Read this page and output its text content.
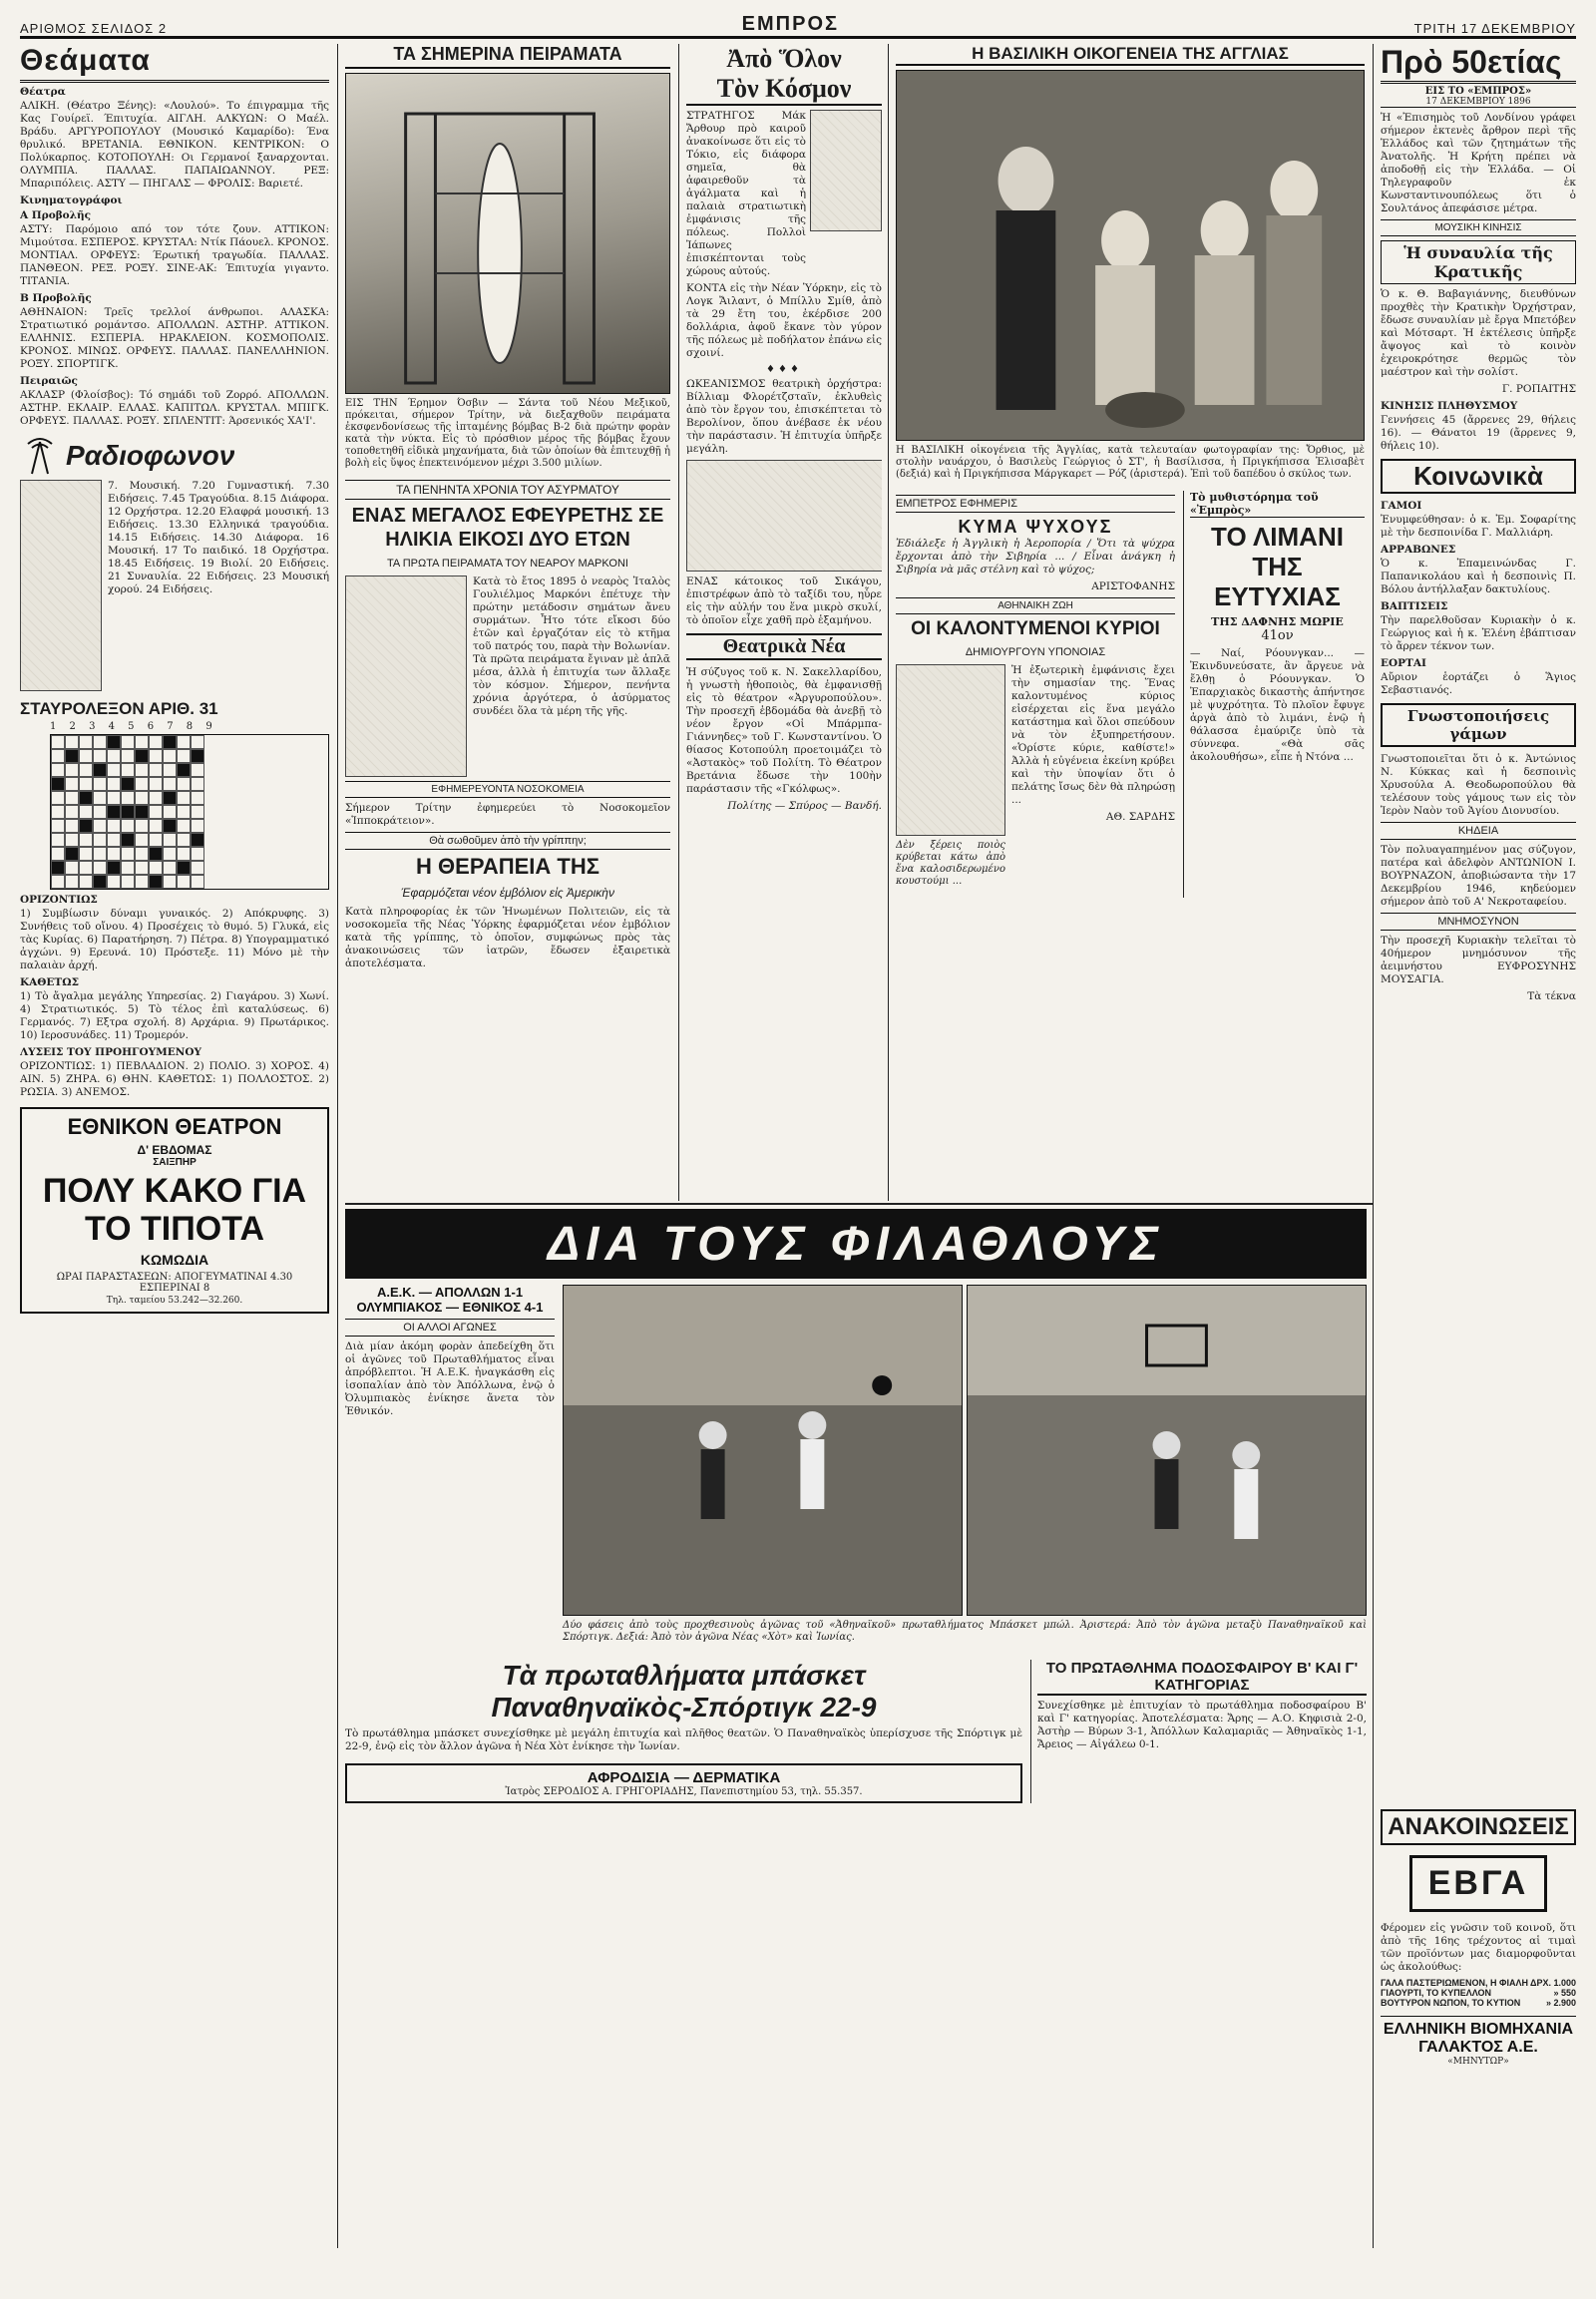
ΑΡΙΘΜΟΣ ΣΕΛΙΔΟΣ 2	ΕΜΠΡΟΣ	ΤΡΙΤΗ 17 ΔΕΚΕΜΒΡΙΟΥ
Θεάματα
Θέατρα

ΑΛΙΚΗ. (Θέατρο Ξένης): «Λουλού». Το έπιγραμμα τῆς Κας Γουίρεϊ. Έπιτυχία. ΑΙΓΛΗ. ΑΛΚΥΩΝ: Ο Μαέλ. Βράδυ. ΑΡΓΥΡΟΠΟΥΛΟΥ (Μουσικό Καμαρίδο): Ένα θρυλικό. ΒΡΕΤΑΝΙΑ. ΕΘΝΙΚΟΝ. ΚΕΝΤΡΙΚΟΝ: Ο Πολύκαρπος. ΚΟΤΟΠΟΥΛΗ: Οι Γερμανοί ξαναρχονται. ΟΛΥΜΠΙΑ. ΠΑΛΛΑΣ. ΠΑΠΑΙΩΑΝΝΟΥ. ΡΕΞ: Μπαριπόλεις. ΑΣΤΥ — ΠΗΓΑΛΣ — ΦΡΟΛΙΣ: Βαριετέ.

Κινηματογράφοι
Α Προβολῆς

ΑΣΤΥ: Παρόμοιο από τον τότε ζουν. ΑΤΤΙΚΟΝ: Μιμούτσα. ΕΣΠΕΡΟΣ. ΚΡΥΣΤΑΛ: Ντίκ Πάουελ. ΚΡΟΝΟΣ. ΜΟΝΤΙΑΛ. ΟΡΦΕΥΣ: Έρωτική τραγωδία. ΠΑΛΛΑΣ. ΠΑΝΘΕΟΝ. ΡΕΞ. ΡΟΞΥ. ΣΙΝΕ-ΑΚ: Έπιτυχία γιγαντο. ΤΙΤΑΝΙΑ.

Β Προβολῆς

ΑΘΗΝΑΙΟΝ: Τρεῖς τρελλοί άνθρωποι. ΑΛΑΣΚΑ: Στρατιωτικό ρομάντσο. ΑΠΟΛΛΩΝ. ΑΣΤΗΡ. ΑΤΤΙΚΟΝ. ΕΛΛΗΝΙΣ. ΕΣΠΕΡΙΑ. ΗΡΑΚΛΕΙΟΝ. ΚΟΣΜΟΠΟΛΙΣ. ΚΡΟΝΟΣ. ΜΙΝΩΣ. ΟΡΦΕΥΣ. ΠΑΛΛΑΣ. ΠΑΝΕΛΛΗΝΙΟΝ. ΡΟΞΥ. ΣΠΟΡΤΙΓΚ.

Πειραιῶς

ΑΚΛΑΣΡ (Φλοίσβος): Τό σημάδι τοῦ Ζορρό. ΑΠΟΛΛΩΝ. ΑΣΤΗΡ. ΕΚΛΑΙΡ. ΕΛΛΑΣ. ΚΑΠΙΤΩΛ. ΚΡΥΣΤΑΛ. ΜΠΙΓΚ. ΟΡΦΕΥΣ. ΠΑΛΛΑΣ. ΡΟΞΥ. ΣΠΛΕΝΤΙΤ: Άρσενικός ΧΑ'Ι'.

Ραδιοφωνον

7. Μουσική. 7.20 Γυμναστική. 7.30 Ειδήσεις. 7.45 Τραγούδια. 8.15 Διάφορα. 12 Ορχήστρα. 12.20 Ελαφρά μουσική. 13 Ειδήσεις. 13.30 Ελληνικά τραγούδια. 14.15 Ειδήσεις. 14.30 Διάφορα. 16 Μουσική. 17 Το παιδικό. 18 Ορχήστρα. 18.45 Ειδήσεις. 19 Βιολί. 20 Ειδήσεις. 21 Συναυλία. 22 Ειδήσεις. 23 Μουσική χορού. 24 Ειδήσεις.

ΣΤΑΥΡΟΛΕΞΟΝ ΑΡΙΘ. 31
1 2 3 4 5 6 7 8 9
ΟΡΙΖΟΝΤΙΩΣ

1) Συμβίωσιν δύναμι γυναικός. 2) Απόκρυφης. 3) Συνήθεις τοῦ οἴνου. 4) Προσέχεις τὸ θυμό. 5) Γλυκά, εἰς τὰς Κυρίας. 6) Παρατήρηση. 7) Πέτρα. 8) Υπογραμματικό ἀγχώνι. 9) Ερευνά. 10) Πρόστεξε. 11) Μόνο μὲ τὴν παλαιὰν ἀρχή.

ΚΑΘΕΤΩΣ

1) Τὸ ἄγαλμα μεγάλης Υπηρεσίας. 2) Γιαγάρου. 3) Χωνί. 4) Στρατιωτικός. 5) Τὸ τέλος ἐπὶ καταλύσεως. 6) Γερμανός. 7) Εξτρα σχολή. 8) Αρχάρια. 9) Πρωτάρικος. 10) Ιεροσυνάδες. 11) Τρομερόν.

ΛΥΣΕΙΣ ΤΟΥ ΠΡΟΗΓΟΥΜΕΝΟΥ

ΟΡΙΖΟΝΤΙΩΣ: 1) ΠΕΒΛΑΔΙΟΝ. 2) ΠΟΛΙΟ. 3) ΧΟΡΟΣ. 4) ΑΙΝ. 5) ΖΗΡΑ. 6) ΘΗΝ. ΚΑΘΕΤΩΣ: 1) ΠΟΛΛΟΣΤΟΣ. 2) ΡΩΣΙΑ. 3) ΑΝΕΜΟΣ.

ΕΘΝΙΚΟΝ ΘΕΑΤΡΟΝ
Δ' ΕΒΔΟΜΑΣ
ΣΑΙΞΠΗΡ
ΠΟΛΥ ΚΑΚΟ ΓΙΑ ΤΟ ΤΙΠΟΤΑ
ΚΩΜΩΔΙΑ
ΩΡΑΙ ΠΑΡΑΣΤΑΣΕΩΝ: ΑΠΟΓΕΥΜΑΤΙΝΑΙ 4.30 ΕΣΠΕΡΙΝΑΙ 8
Τηλ. ταμείου 53.242—32.260.
ΤΑ ΣΗΜΕΡΙΝΑ ΠΕΙΡΑΜΑΤΑ

ΕΙΣ ΤΗΝ Έρημον Όσβιν — Σάντα τοῦ Νέου Μεξικοῦ, πρόκειται, σήμερον Τρίτην, νὰ διεξαχθοῦν πειράματα ἐκσφενδονίσεως τῆς ἰπταμένης βόμβας Β-2 διὰ πρώτην φορὰν κατὰ τὴν νύκτα. Εἰς τὸ πρόσθιον μέρος τῆς βόμβας ἔχουν τοποθετηθῆ εἰδικὰ μηχανήματα, διὰ τῶν ὁποίων θὰ ἐπιτευχθῇ ἡ βολὴ εἰς ὕψος ἑπεκτεινόμενον μέχρι 3.500 μιλίων.

ΤΑ ΠΕΝΗΝΤΑ ΧΡΟΝΙΑ ΤΟΥ ΑΣΥΡΜΑΤΟΥ
ΕΝΑΣ ΜΕΓΑΛΟΣ ΕΦΕΥΡΕΤΗΣ ΣΕ ΗΛΙΚΙΑ ΕΙΚΟΣΙ ΔΥΟ ΕΤΩΝ
ΤΑ ΠΡΩΤΑ ΠΕΙΡΑΜΑΤΑ ΤΟΥ ΝΕΑΡΟΥ ΜΑΡΚΟΝΙ

Κατὰ τὸ ἔτος 1895 ὁ νεαρὸς Ἰταλὸς Γουλιέλμος Μαρκόνι ἐπέτυχε τὴν πρώτην μετάδοσιν σημάτων ἄνευ συρμάτων. Ἦτο τότε εἴκοσι δύο ἐτῶν καὶ ἐργαζόταν εἰς τὸ κτῆμα τοῦ πατρός του, παρὰ τὴν Βολωνίαν. Τὰ πρῶτα πειράματα ἔγιναν μὲ ἁπλᾶ μέσα, ἀλλὰ ἡ ἐπιτυχία των ἄλλαξε τὸν κόσμον. Σήμερον, πενήντα χρόνια ἀργότερα, ὁ ἀσύρματος συνδέει ὅλα τὰ μέρη τῆς γῆς.

ΕΦΗΜΕΡΕΥΟΝΤΑ ΝΟΣΟΚΟΜΕΙΑ

Σήμερον Τρίτην ἐφημερεύει τὸ Νοσοκομεῖον «Ἱπποκράτειον».

Θὰ σωθοῦμεν ἀπὸ τὴν γρίππην;
Η ΘΕΡΑΠΕΙΑ ΤΗΣ
Έφαρμόζεται νέον ἐμβόλιον εἰς Ἀμερικὴν

Κατὰ πληροφορίας ἐκ τῶν Ἡνωμένων Πολιτειῶν, εἰς τὰ νοσοκομεῖα τῆς Νέας Ὑόρκης ἐφαρμόζεται νέον ἐμβόλιον κατὰ τῆς γρίππης, τὸ ὁποῖον, συμφώνως πρὸς τὰς ἀνακοινώσεις τῶν ἰατρῶν, ἔδωσεν ἐξαιρετικὰ ἀποτελέσματα.

Ἀπὸ Ὅλον
Τὸν Κόσμον

ΣΤΡΑΤΗΓΟΣ Μάκ Ἄρθουρ πρὸ καιροῦ ἀνακοίνωσε ὅτι εἰς τὸ Τόκιο, εἰς διάφορα σημεῖα, θὰ ἀφαιρεθοῦν τὰ ἀγάλματα καὶ ἡ παλαιὰ στρατιωτικὴ ἐμφάνισις τῆς πόλεως. Πολλοὶ Ἰάπωνες ἐπισκέπτονται τοὺς χώρους αὐτούς.

ΚΟΝΤΑ εἰς τὴν Νέαν Ὑόρκην, εἰς τὸ Λογκ Ἄιλαντ, ὁ Μπίλλυ Σμίθ, ἀπὸ τὰ 29 ἔτη του, ἐκέρδισε 200 δολλάρια, ἀφοῦ ἔκανε τὸν γύρον τῆς πόλεως μὲ ποδήλατον ἐπάνω εἰς σχοινί.

♦♦♦

ΩΚΕΑΝΙΣΜΟΣ θεατρικὴ ὁρχήστρα: Βίλλιαμ Φλορέτζσταϊν, ἐκλυθεὶς ἀπὸ τὸν ἔργον του, ἐπισκέπτεται τὸ Βερολίνον, ὅπου ἀνέβασε ἐκ νέου τὴν παράστασιν. Ἡ ἐπιτυχία ὑπῆρξε μεγάλη.

ΕΝΑΣ κάτοικος τοῦ Σικάγου, ἐπιστρέφων ἀπὸ τὸ ταξίδι του, ηὗρε εἰς τὴν αὐλήν του ἕνα μικρὸ σκυλί, τὸ ὁποῖον εἶχε χαθῆ πρὸ ἑξαμήνου.

Θεατρικὰ Νέα

Ἡ σύζυγος τοῦ κ. Ν. Σακελλαρίδου, ἡ γνωστὴ ἠθοποιὸς, θὰ ἐμφανισθῇ εἰς τὸ θέατρον «Ἀργυροπούλου». Τὴν προσεχῆ ἑβδομάδα θὰ ἀνεβῇ τὸ νέον ἔργον «Οἱ Μπάρμπα-Γιάννηδες» τοῦ Γ. Κωνσταντίνου. Ὁ θίασος Κοτοπούλη προετοιμάζει τὸ «Ἀστακὸς» τοῦ Πολίτη. Τὸ Θέατρον Βρετάνια ἔδωσε τὴν 100ὴν παράστασιν τῆς «Γκόλφως».

Πολίτης — Σπύρος — Βανδή.

Η ΒΑΣΙΛΙΚΗ ΟΙΚΟΓΕΝΕΙΑ ΤΗΣ ΑΓΓΛΙΑΣ

Η ΒΑΣΙΛΙΚΗ οἰκογένεια τῆς Ἀγγλίας, κατὰ τελευταίαν φωτογραφίαν της: Ὄρθιος, μὲ στολὴν ναυάρχου, ὁ Βασιλεὺς Γεώργιος ὁ ΣΤ', ἡ Βασίλισσα, ἡ Πριγκήπισσα Ἐλισαβὲτ (δεξιά) καὶ ἡ Πριγκήπισσα Μάργκαρετ — Ρόζ (ἀριστερά). Ἐπὶ τοῦ δαπέδου ὁ σκύλος των.

ΕΜΠΕΤΡΟΣ ΕΦΗΜΕΡΙΣ
ΚΥΜΑ ΨΥΧΟΥΣ

Ἐδιάλεξε ἡ Ἀγγλικὴ ἡ Ἀεροπορία / Ὅτι τὰ ψύχρα ἔρχονται ἀπὸ τὴν Σιβηρία ... / Εἶναι ἀνάγκη ἡ Σιβηρία νὰ μᾶς στέλνη καὶ τὸ ψύχος;

ΑΡΙΣΤΟΦΑΝΗΣ

ΑΘΗΝΑΙΚΗ ΖΩΗ
ΟΙ ΚΑΛΟΝΤΥΜΕΝΟΙ ΚΥΡΙΟΙ
ΔΗΜΙΟΥΡΓΟΥΝ ΥΠΟΝΟΙΑΣ

Δὲν ξέρεις ποιὸς κρύβεται κάτω ἀπὸ ἕνα καλοσιδερωμένο κουστούμι ...

Ἡ ἐξωτερικὴ ἐμφάνισις ἔχει τὴν σημασίαν της. Ἕνας καλοντυμένος κύριος εἰσέρχεται εἰς ἕνα μεγάλο κατάστημα καὶ ὅλοι σπεύδουν νὰ τὸν ἐξυπηρετήσουν. «Ὁρίστε κύριε, καθίστε!» Ἀλλὰ ἡ εὐγένεια ἐκείνη κρύβει καὶ τὴν ὑποψίαν ὅτι ὁ πελάτης ἴσως δὲν θὰ πληρώσῃ ...

ΑΘ. ΣΑΡΔΗΣ

Τὸ μυθιστόρημα τοῦ «Ἐμπρὸς»
ΤΟ ΛΙΜΑΝΙ ΤΗΣ ΕΥΤΥΧΙΑΣ
ΤΗΣ ΔΑΦΝΗΣ ΜΩΡΙΕ
41ον

— Ναί, Ρόουνγκαν... — Ἐκινδυνεύσατε, ἂν ἄργευε νὰ ἔλθῃ ὁ Ρόουνγκαν. Ὁ Ἐπαρχιακὸς δικαστὴς ἀπήντησε μὲ ψυχρότητα. Τὸ πλοῖον ἔφυγε ἀργὰ ἀπὸ τὸ λιμάνι, ἐνῷ ἡ θάλασσα ἐμαύριζε ὑπὸ τὰ σύννεφα. «Θὰ σᾶς ἀκολουθήσω», εἶπε ἡ Ντόνα ...

Πρὸ 50ετίας
ΕΙΣ ΤΟ «ΕΜΠΡΟΣ»
17 ΔΕΚΕΜΒΡΙΟΥ 1896

Ἡ «Ἐπισημὸς τοῦ Λονδίνου γράφει σήμερον ἐκτενὲς ἄρθρον περὶ τῆς Ἑλλάδος καὶ τῶν ζητημάτων τῆς Ἀνατολῆς. Ἡ Κρήτη πρέπει νὰ ἀποδοθῇ εἰς τὴν Ἑλλάδα. — Οἱ Τηλεγραφοῦν ἐκ Κωνσταντινουπόλεως ὅτι ὁ Σουλτάνος ἀπεφάσισε μέτρα.

ΜΟΥΣΙΚΗ ΚΙΝΗΣΙΣ
Ἡ συναυλία τῆς Κρατικῆς

Ὁ κ. Θ. Βαβαγιάννης, διευθύνων προχθὲς τὴν Κρατικὴν Ὀρχήστραν, ἔδωσε συναυλίαν μὲ ἔργα Μπετόβεν καὶ Μότσαρτ. Ἡ ἐκτέλεσις ὑπῆρξε ἄψογος καὶ τὸ κοινὸν ἐχειροκρότησε θερμῶς τὸν μαέστρον καὶ τὴν σολίστ.

Γ. ΡΟΠΑΙΤΗΣ

ΚΙΝΗΣΙΣ ΠΛΗΘΥΣΜΟΥ

Γεννήσεις 45 (ἄρρενες 29, θήλεις 16). — Θάνατοι 19 (ἄρρενες 9, θήλεις 10).

Κοινωνικὰ
ΓΑΜΟΙ

Ἐνυμφεύθησαν: ὁ κ. Ἐμ. Σοφαρίτης μὲ τὴν δεσποινίδα Γ. Μαλλιάρη.

ΑΡΡΑΒΩΝΕΣ

Ὁ κ. Ἐπαμεινώνδας Γ. Παπανικολάου καὶ ἡ δεσποινὶς Π. Βόλου ἀντήλλαξαν δακτυλίους.

ΒΑΠΤΙΣΕΙΣ

Τὴν παρελθοῦσαν Κυριακὴν ὁ κ. Γεώργιος καὶ ἡ κ. Ἑλένη ἐβάπτισαν τὸ ἄρρεν τέκνον των.

ΕΟΡΤΑΙ

Αὔριον ἑορτάζει ὁ Ἅγιος Σεβαστιανός.

Γνωστοποιήσεις γάμων

Γνωστοποιεῖται ὅτι ὁ κ. Ἀντώνιος Ν. Κύκκας καὶ ἡ δεσποινὶς Χρυσούλα Α. Θεοδωροπούλου θὰ τελέσουν τοὺς γάμους των εἰς τὸν Ἱερὸν Ναὸν τοῦ Ἁγίου Διονυσίου.

ΚΗΔΕΙΑ

Τὸν πολυαγαπημένον μας σύζυγον, πατέρα καὶ ἀδελφὸν ΑΝΤΩΝΙΟΝ Ι. ΒΟΥΡΝΑΖΟΝ, ἀποβιώσαντα τὴν 17 Δεκεμβρίου 1946, κηδεύομεν σήμερον ἀπὸ τοῦ Α' Νεκροταφείου.

ΜΝΗΜΟΣΥΝΟΝ

Τὴν προσεχῆ Κυριακὴν τελεῖται τὸ 40ήμερον μνημόσυνον τῆς ἀειμνήστου ΕΥΦΡΟΣΥΝΗΣ ΜΟΥΣΑΓΙΑ.

Τὰ τέκνα

ΔΙΑ ΤΟΥΣ ΦΙΛΑΘΛΟΥΣ
Α.Ε.Κ. — ΑΠΟΛΛΩΝ 1-1
ΟΛΥΜΠΙΑΚΟΣ — ΕΘΝΙΚΟΣ 4-1
ΟΙ ΑΛΛΟΙ ΑΓΩΝΕΣ

Διὰ μίαν ἀκόμη φορὰν ἀπεδείχθη ὅτι οἱ ἀγῶνες τοῦ Πρωταθλήματος εἶναι ἀπρόβλεπτοι. Ἡ Α.Ε.Κ. ἠναγκάσθη εἰς ἰσοπαλίαν ἀπὸ τὸν Ἀπόλλωνα, ἐνῷ ὁ Ὀλυμπιακὸς ἐνίκησε ἄνετα τὸν Ἐθνικόν.

Δύο φάσεις ἀπὸ τοὺς προχθεσινοὺς ἀγῶνας τοῦ «Ἀθηναϊκοῦ» πρωταθλήματος Μπάσκετ μπώλ. Ἀριστερά: Ἀπὸ τὸν ἀγῶνα μεταξὺ Παναθηναϊκοῦ καὶ Σπόρτιγκ. Δεξιά: Ἀπὸ τὸν ἀγῶνα Νέας «Χὸτ» καὶ Ἰωνίας.

Τὰ πρωταθλήματα μπάσκετ
Παναθηναϊκὸς-Σπόρτιγκ 22-9

Τὸ πρωτάθλημα μπάσκετ συνεχίσθηκε μὲ μεγάλη ἐπιτυχία καὶ πλῆθος θεατῶν. Ὁ Παναθηναϊκὸς ὑπερίσχυσε τῆς Σπόρτιγκ μὲ 22-9, ἐνῷ εἰς τὸν ἄλλον ἀγῶνα ἡ Νέα Χὸτ ἐνίκησε τὴν Ἰωνίαν.

ΑΦΡΟΔΙΣΙΑ — ΔΕΡΜΑΤΙΚΑ
Ἰατρὸς ΣΕΡΟΔΙΟΣ Α. ΓΡΗΓΟΡΙΑΔΗΣ, Πανεπιστημίου 53, τηλ. 55.357.
ΤΟ ΠΡΩΤΑΘΛΗΜΑ ΠΟΔΟΣΦΑΙΡΟΥ Β' ΚΑΙ Γ' ΚΑΤΗΓΟΡΙΑΣ

Συνεχίσθηκε μὲ ἐπιτυχίαν τὸ πρωτάθλημα ποδοσφαίρου Β' καὶ Γ' κατηγορίας. Ἀποτελέσματα: Ἄρης — Α.Ο. Κηφισιὰ 2-0, Ἀστὴρ — Βύρων 3-1, Ἀπόλλων Καλαμαριᾶς — Ἀθηναϊκὸς 1-1, Ἄρειος — Αἰγάλεω 0-1.

ΑΝΑΚΟΙΝΩΣΕΙΣ
ΕΒΓΑ

Φέρομεν εἰς γνῶσιν τοῦ κοινοῦ, ὅτι ἀπὸ τῆς 16ης τρέχοντος αἱ τιμαὶ τῶν προϊόντων μας διαμορφοῦνται ὡς ἀκολούθως:

ΓΑΛΑ ΠΑΣΤΕΡΙΩΜΕΝΟΝ, Η ΦΙΑΛΗ ΔΡΧ. 1.000
ΓΙΑΟΥΡΤΙ, ΤΟ ΚΥΠΕΛΛΟΝ	» 550
ΒΟΥΤΥΡΟΝ ΝΩΠΟΝ, ΤΟ ΚΥΤΙΟΝ	» 2.900
ΕΛΛΗΝΙΚΗ ΒΙΟΜΗΧΑΝΙΑ ΓΑΛΑΚΤΟΣ Α.Ε.
«ΜΗΝΥΤΩΡ»
